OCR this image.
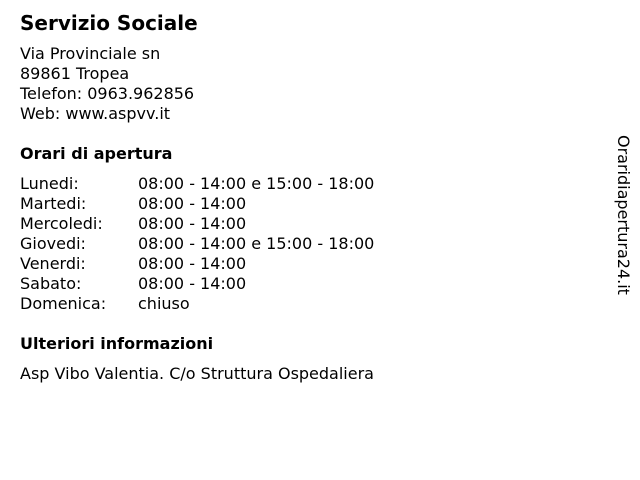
Servizio Sociale
Via Provinciale sn
89861 Tropea
Telefon: 0963.962856
Web: www.aspvv.it
Orari di apertura
Lunedi:	08:00 - 14:00 e 15:00 - 18:00
Martedi:	08:00 - 14:00
Mercoledi: 08:00 - 14:00
Giovedi:	08:00 - 14:00 e 15:00 - 18:00
Venerdi:	08:00 - 14:00
Sabato:	08:00 - 14:00
Domenica: chiuso
Ulteriori informazioni
Asp Vibo Valentia. C/o Struttura Ospedaliera
Oraridiapertura24.it
